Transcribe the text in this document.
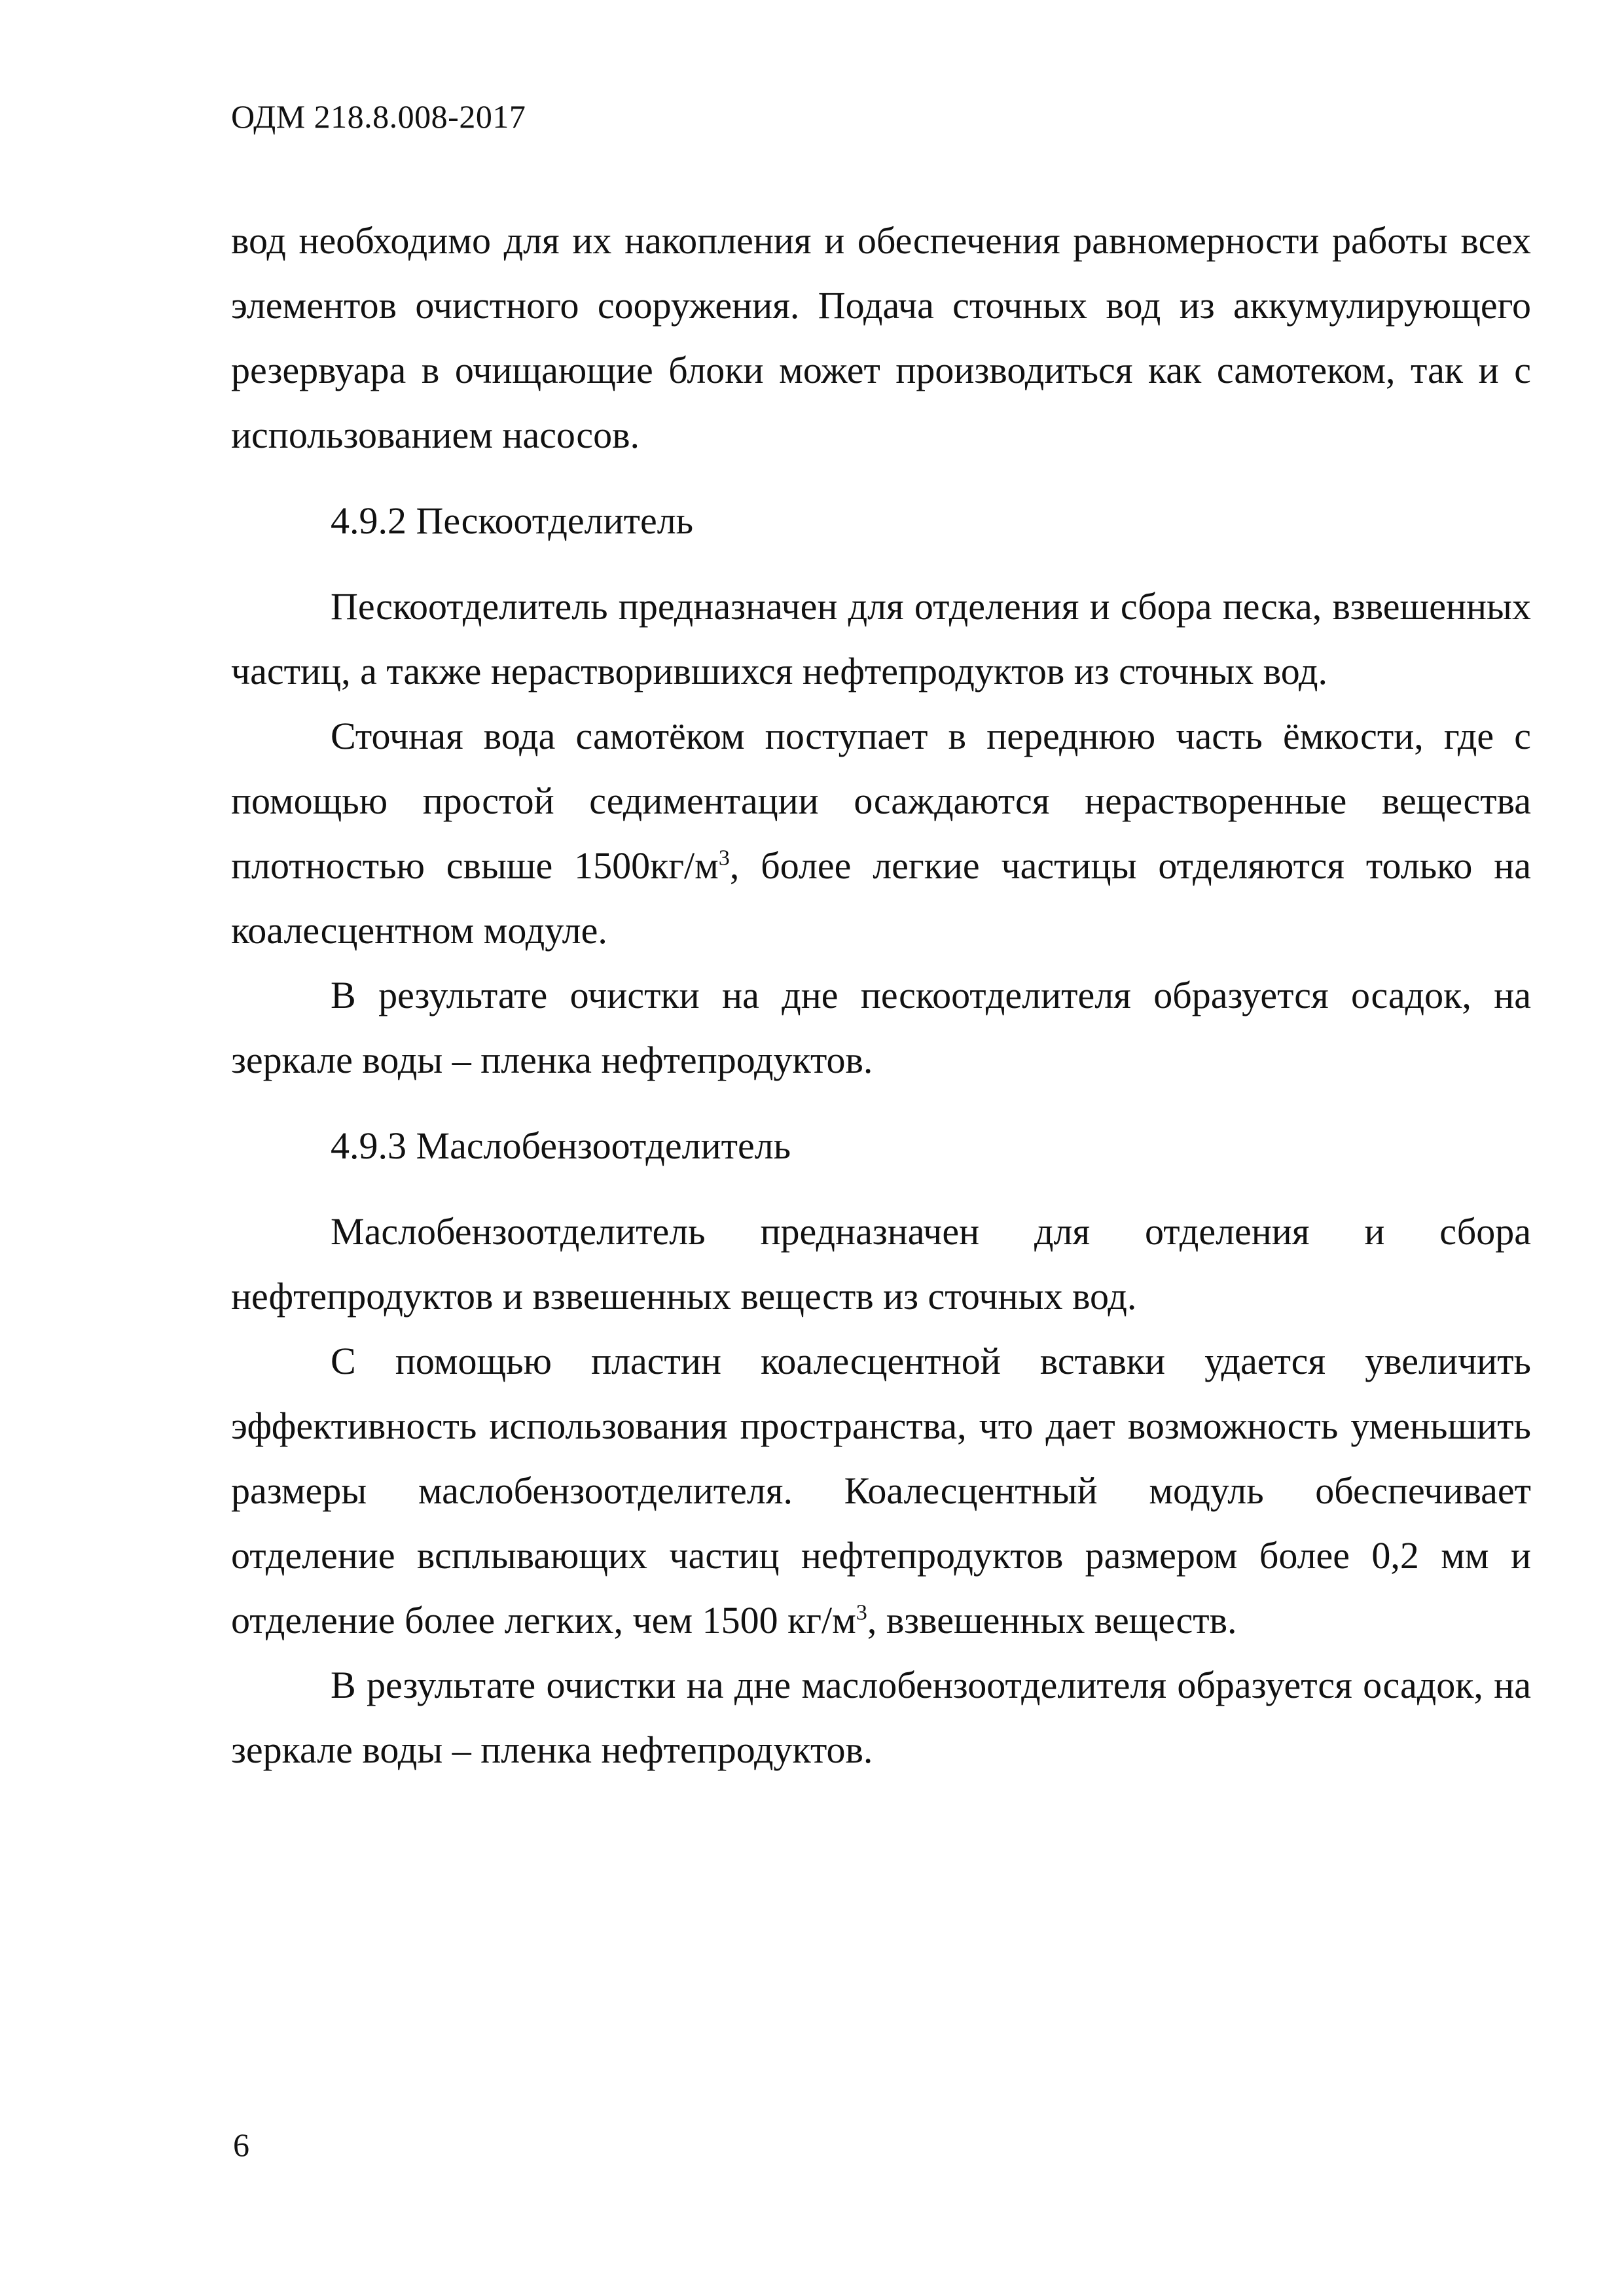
ОДМ 218.8.008-2017

вод необходимо для их накопления и обеспечения равномерности работы всех элементов очистного сооружения. Подача сточных вод из аккумулирующего резервуара в очищающие блоки может производиться как самотеком, так и с использованием насосов.

4.9.2 Пескоотделитель

Пескоотделитель предназначен для отделения и сбора песка, взвешенных частиц, а также нерастворившихся нефтепродуктов из сточных вод.

Сточная вода самотёком поступает в переднюю часть ёмкости, где с помощью простой седиментации осаждаются нерастворенные вещества плотностью свыше $1500кг/м^3$, более легкие частицы отделяются только на коалесцентном модуле.

В результате очистки на дне пескоотделителя образуется осадок, на зеркале воды – пленка нефтепродуктов.

4.9.3 Маслобензоотделитель

Маслобензоотделитель предназначен для отделения и сбора нефтепродуктов и взвешенных веществ из сточных вод.

С помощью пластин коалесцентной вставки удается увеличить эффективность использования пространства, что дает возможность уменьшить размеры маслобензоотделителя. Коалесцентный модуль обеспечивает отделение всплывающих частиц нефтепродуктов размером более 0,2 мм и отделение более легких, чем 1500 $кг/м^3$, взвешенных веществ.

В результате очистки на дне маслобензоотделителя образуется осадок, на зеркале воды – пленка нефтепродуктов.

6
